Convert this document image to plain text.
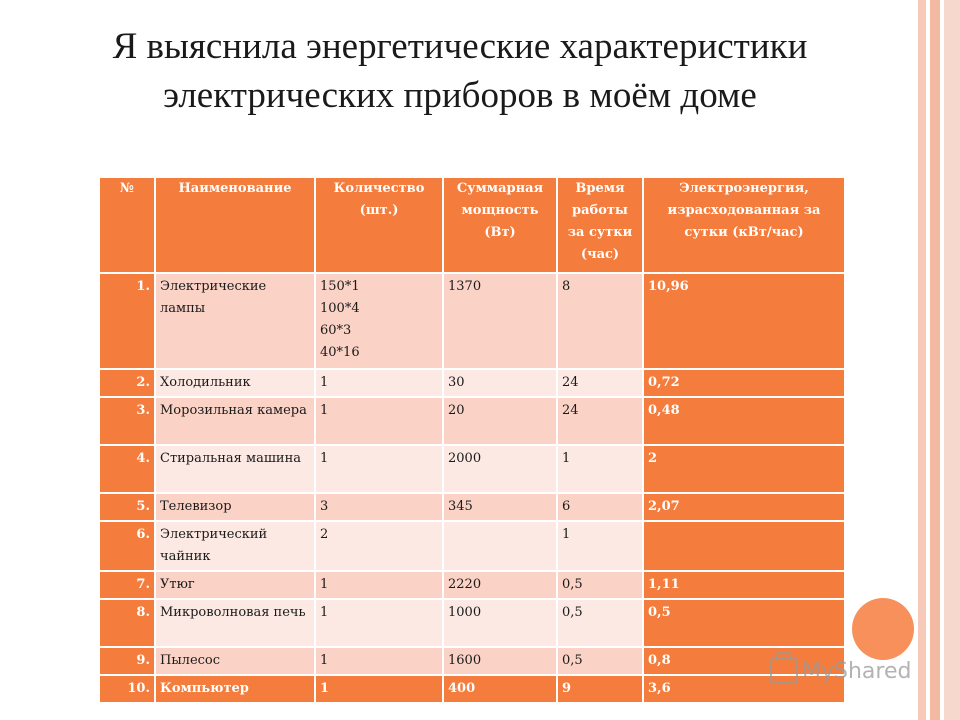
Я выяснила энергетические характеристики электрических приборов в моём доме
№	Наименование	Количество (шт.)	Суммарная мощность (Вт)	Время работы за сутки (час)	Электроэнергия, израсходованная за сутки (кВт/час)
1.	Электрические лампы	150*1
100*4
60*3
40*16	1370	8	10,96
2.	Холодильник	1	30	24	0,72
3.	Морозильная камера	1	20	24	0,48
4.	Стиральная машина	1	2000	1	2
5.	Телевизор	3	345	6	2,07
6.	Электрический чайник	2		1	
7.	Утюг	1	2220	0,5	1,11
8.	Микроволновая печь	1	1000	0,5	0,5
9.	Пылесос	1	1600	0,5	0,8
10.	Компьютер	1	400	9	3,6
MyShared
